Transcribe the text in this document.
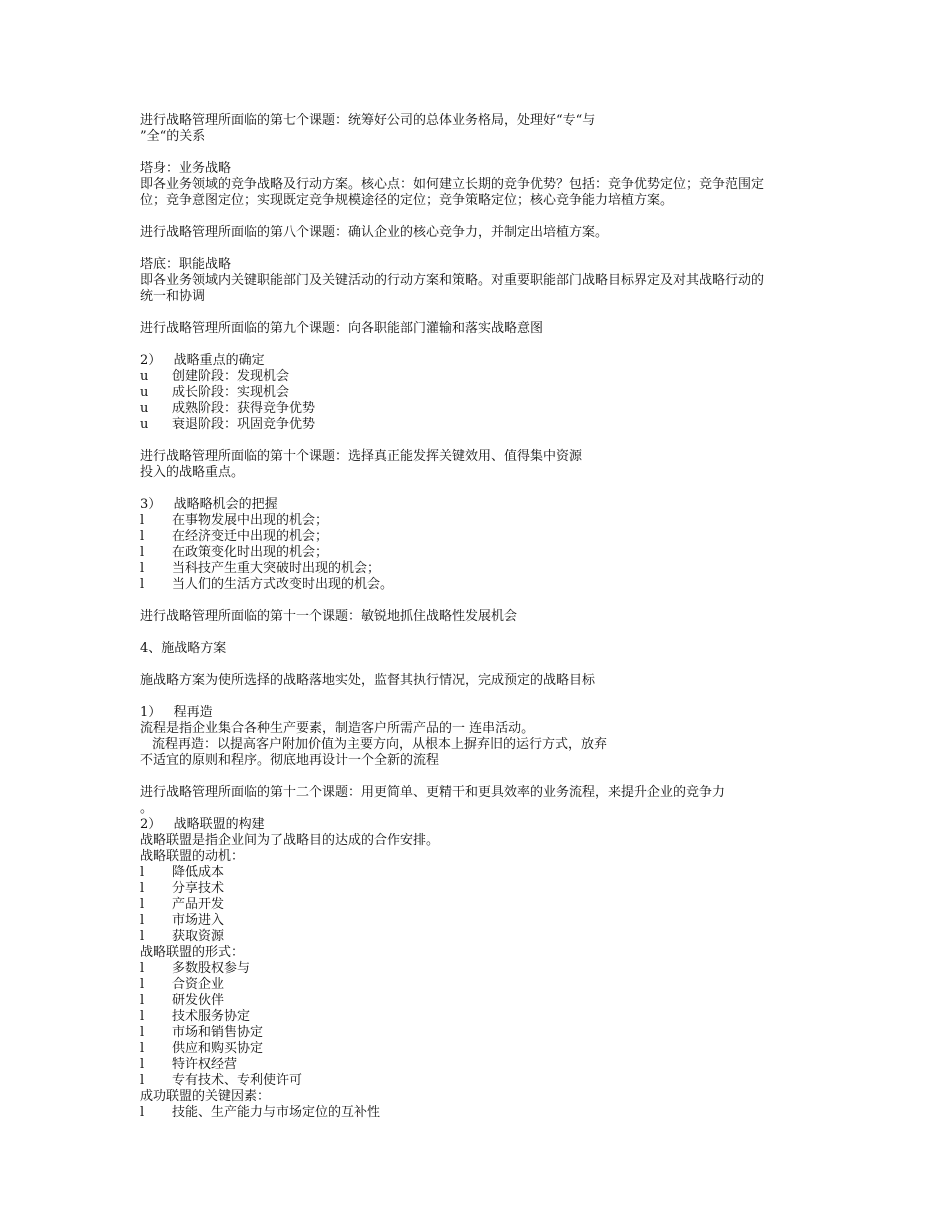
进行战略管理所面临的第七个课题：统筹好公司的总体业务格局，处理好“专“与
”全“的关系
塔身：业务战略
即各业务领域的竞争战略及行动方案。核心点：如何建立长期的竞争优势？包括：竞争优势定位；竞争范围定
位；竞争意图定位；实现既定竞争规模途径的定位；竞争策略定位；核心竞争能力培植方案。
进行战略管理所面临的第八个课题：确认企业的核心竞争力，并制定出培植方案。
塔底：职能战略
即各业务领域内关键职能部门及关键活动的行动方案和策略。对重要职能部门战略目标界定及对其战略行动的
统一和协调
进行战略管理所面临的第九个课题：向各职能部门灌输和落实战略意图
2）   战略重点的确定
u 创建阶段：发现机会
u 成长阶段：实现机会
u 成熟阶段：获得竞争优势
u 衰退阶段：巩固竞争优势
进行战略管理所面临的第十个课题：选择真正能发挥关键效用、值得集中资源
投入的战略重点。
3）   战略略机会的把握
l 在事物发展中出现的机会；
l 在经济变迁中出现的机会；
l 在政策变化时出现的机会；
l 当科技产生重大突破时出现的机会；
l 当人们的生活方式改变时出现的机会。
进行战略管理所面临的第十一个课题：敏锐地抓住战略性发展机会
4、施战略方案
施战略方案为使所选择的战略落地实处，监督其执行情况，完成预定的战略目标
1）   程再造
流程是指企业集合各种生产要素，制造客户所需产品的一 连串活动。
流程再造：以提高客户附加价值为主要方向，从根本上摒弃旧的运行方式，放弃
不适宜的原则和程序。彻底地再设计一个全新的流程
进行战略管理所面临的第十二个课题：用更简单、更精干和更具效率的业务流程，来提升企业的竞争力
。
2）   战略联盟的构建
战略联盟是指企业间为了战略目的达成的合作安排。
战略联盟的动机：
l 降低成本
l 分享技术
l 产品开发
l 市场进入
l 获取资源
战略联盟的形式：
l 多数股权参与
l 合资企业
l 研发伙伴
l 技术服务协定
l 市场和销售协定
l 供应和购买协定
l 特许权经营
l 专有技术、专利使许可
成功联盟的关键因素：
l 技能、生产能力与市场定位的互补性
